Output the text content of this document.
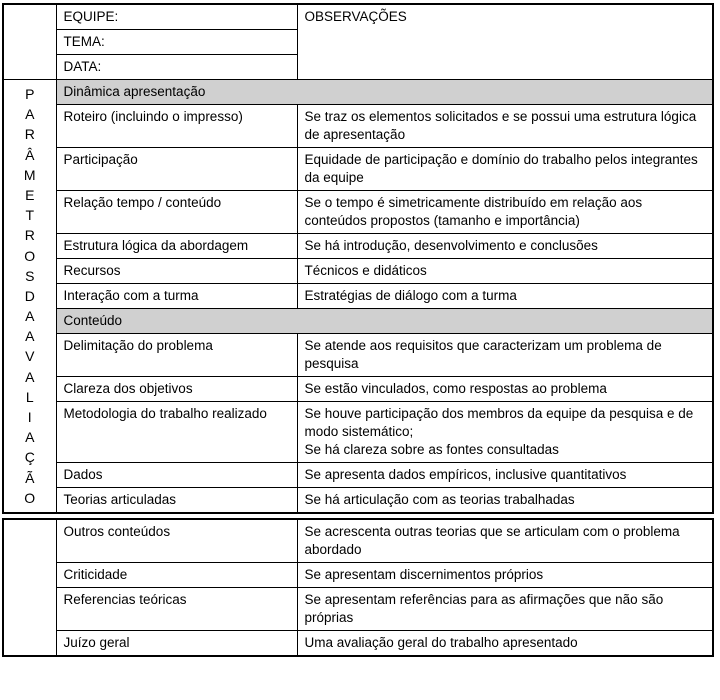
	EQUIPE:	OBSERVAÇÕES
	TEMA:	
	DATA:	

P
A
R
Â
M
E
T
R
O
S
D
A
A
V
A
L
I
A
Ç
Ã
O
	Dinâmica apresentação
	Roteiro (incluindo o impresso)	Se traz os elementos solicitados e se possui uma estrutura lógica de apresentação
	Participação	Equidade de participação e domínio do trabalho pelos integrantes da equipe
	Relação tempo / conteúdo	Se o tempo é simetricamente distribuído em relação aos conteúdos propostos (tamanho e importância)
	Estrutura lógica da abordagem	Se há introdução, desenvolvimento e conclusões
	Recursos	Técnicos e didáticos
	Interação com a turma	Estratégias de diálogo com a turma
	Conteúdo	
	Delimitação do problema	Se atende aos requisitos que caracterizam um problema de pesquisa
	Clareza dos objetivos	Se estão vinculados, como respostas ao problema
	Metodologia do trabalho realizado	Se houve participação dos membros da equipe da pesquisa e de modo sistemático;
Se há clareza sobre as fontes consultadas

	Dados	Se apresenta dados empíricos, inclusive quantitativos
	Teorias articuladas	Se há articulação com as teorias trabalhadas
	Outros conteúdos	Se acrescenta outras teorias que se articulam com o problema abordado
	Criticidade	Se apresentam discernimentos próprios
	Referencias teóricas	Se apresentam referências para as afirmações que não são próprias
	Juízo geral	Uma avaliação geral do trabalho apresentado
